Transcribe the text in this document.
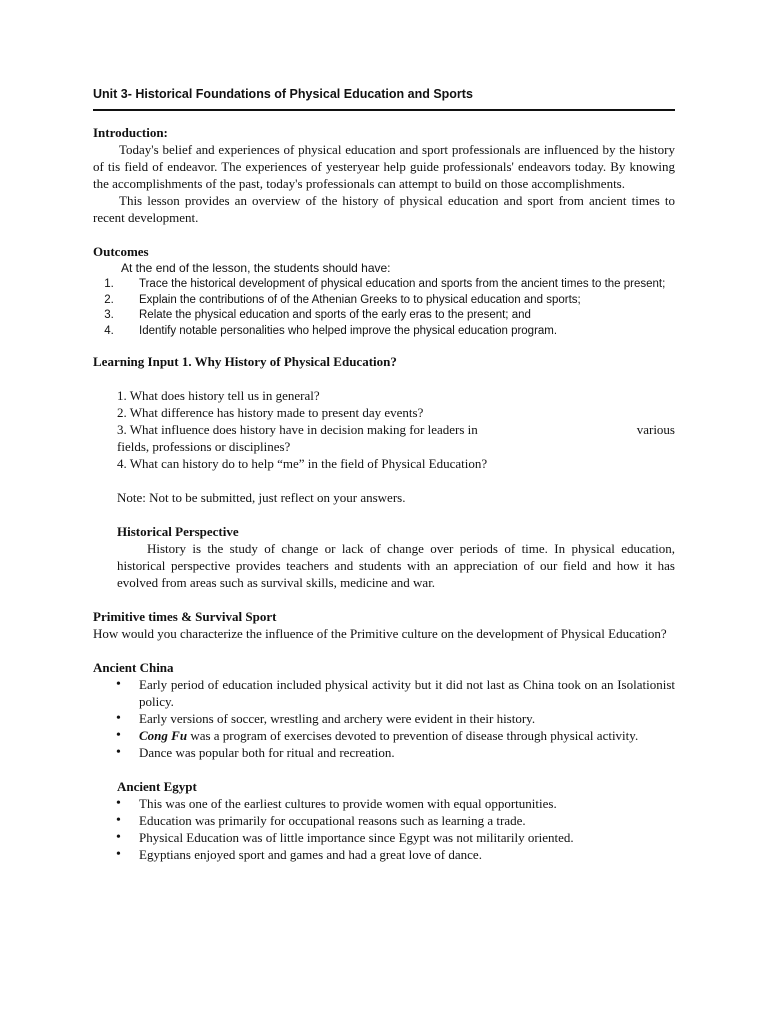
Unit 3- Historical Foundations of Physical Education and Sports
Introduction:

Today's belief and experiences of physical education and sport professionals are influenced by the history of tis field of endeavor. The experiences of yesteryear help guide professionals' endeavors today. By knowing the accomplishments of the past, today's professionals can attempt to build on those accomplishments.

This lesson provides an overview of the history of physical education and sport from ancient times to recent development.

Outcomes

At the end of the lesson, the students should have:

1. Trace the historical development of physical education and sports from the ancient times to the present;
2. Explain the contributions of of the Athenian Greeks to to physical education and sports;
3. Relate the physical education and sports of the early eras to the present; and
4. Identify notable personalities who helped improve the physical education program.
Learning Input 1. Why History of Physical Education?

1. What does history tell us in general?

2. What difference has history made to present day events?

3. What influence does history have in decision making for leaders in	various

fields, professions or disciplines?

4. What can history do to help “me” in the field of Physical Education?

Note: Not to be submitted, just reflect on your answers.

Historical Perspective

History is the study of change or lack of change over periods of time. In physical education, historical perspective provides teachers and students with an appreciation of our field and how it has evolved from areas such as survival skills, medicine and war.

Primitive times & Survival Sport

How would you characterize the influence of the Primitive culture on the development of Physical Education?

Ancient China
• Early period of education included physical activity but it did not last as China took on an Isolationist policy.
• Early versions of soccer, wrestling and archery were evident in their history.
• Cong Fu was a program of exercises devoted to prevention of disease through physical activity.
• Dance was popular both for ritual and recreation.
Ancient Egypt
• This was one of the earliest cultures to provide women with equal opportunities.
• Education was primarily for occupational reasons such as learning a trade.
• Physical Education was of little importance since Egypt was not militarily oriented.
• Egyptians enjoyed sport and games and had a great love of dance.
